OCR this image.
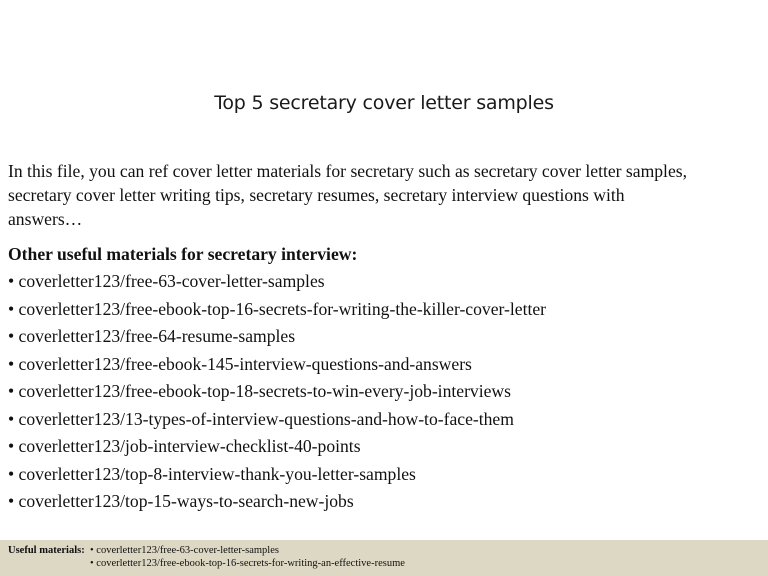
Top 5 secretary cover letter samples

In this file, you can ref cover letter materials for secretary such as secretary cover letter samples,
secretary cover letter writing tips, secretary resumes, secretary interview questions with
answers…

Other useful materials for secretary interview:
• coverletter123/free-63-cover-letter-samples
• coverletter123/free-ebook-top-16-secrets-for-writing-the-killer-cover-letter
• coverletter123/free-64-resume-samples
• coverletter123/free-ebook-145-interview-questions-and-answers
• coverletter123/free-ebook-top-18-secrets-to-win-every-job-interviews
• coverletter123/13-types-of-interview-questions-and-how-to-face-them
• coverletter123/job-interview-checklist-40-points
• coverletter123/top-8-interview-thank-you-letter-samples
• coverletter123/top-15-ways-to-search-new-jobs
Useful materials: • coverletter123/free-63-cover-letter-samples
• coverletter123/free-ebook-top-16-secrets-for-writing-an-effective-resume
